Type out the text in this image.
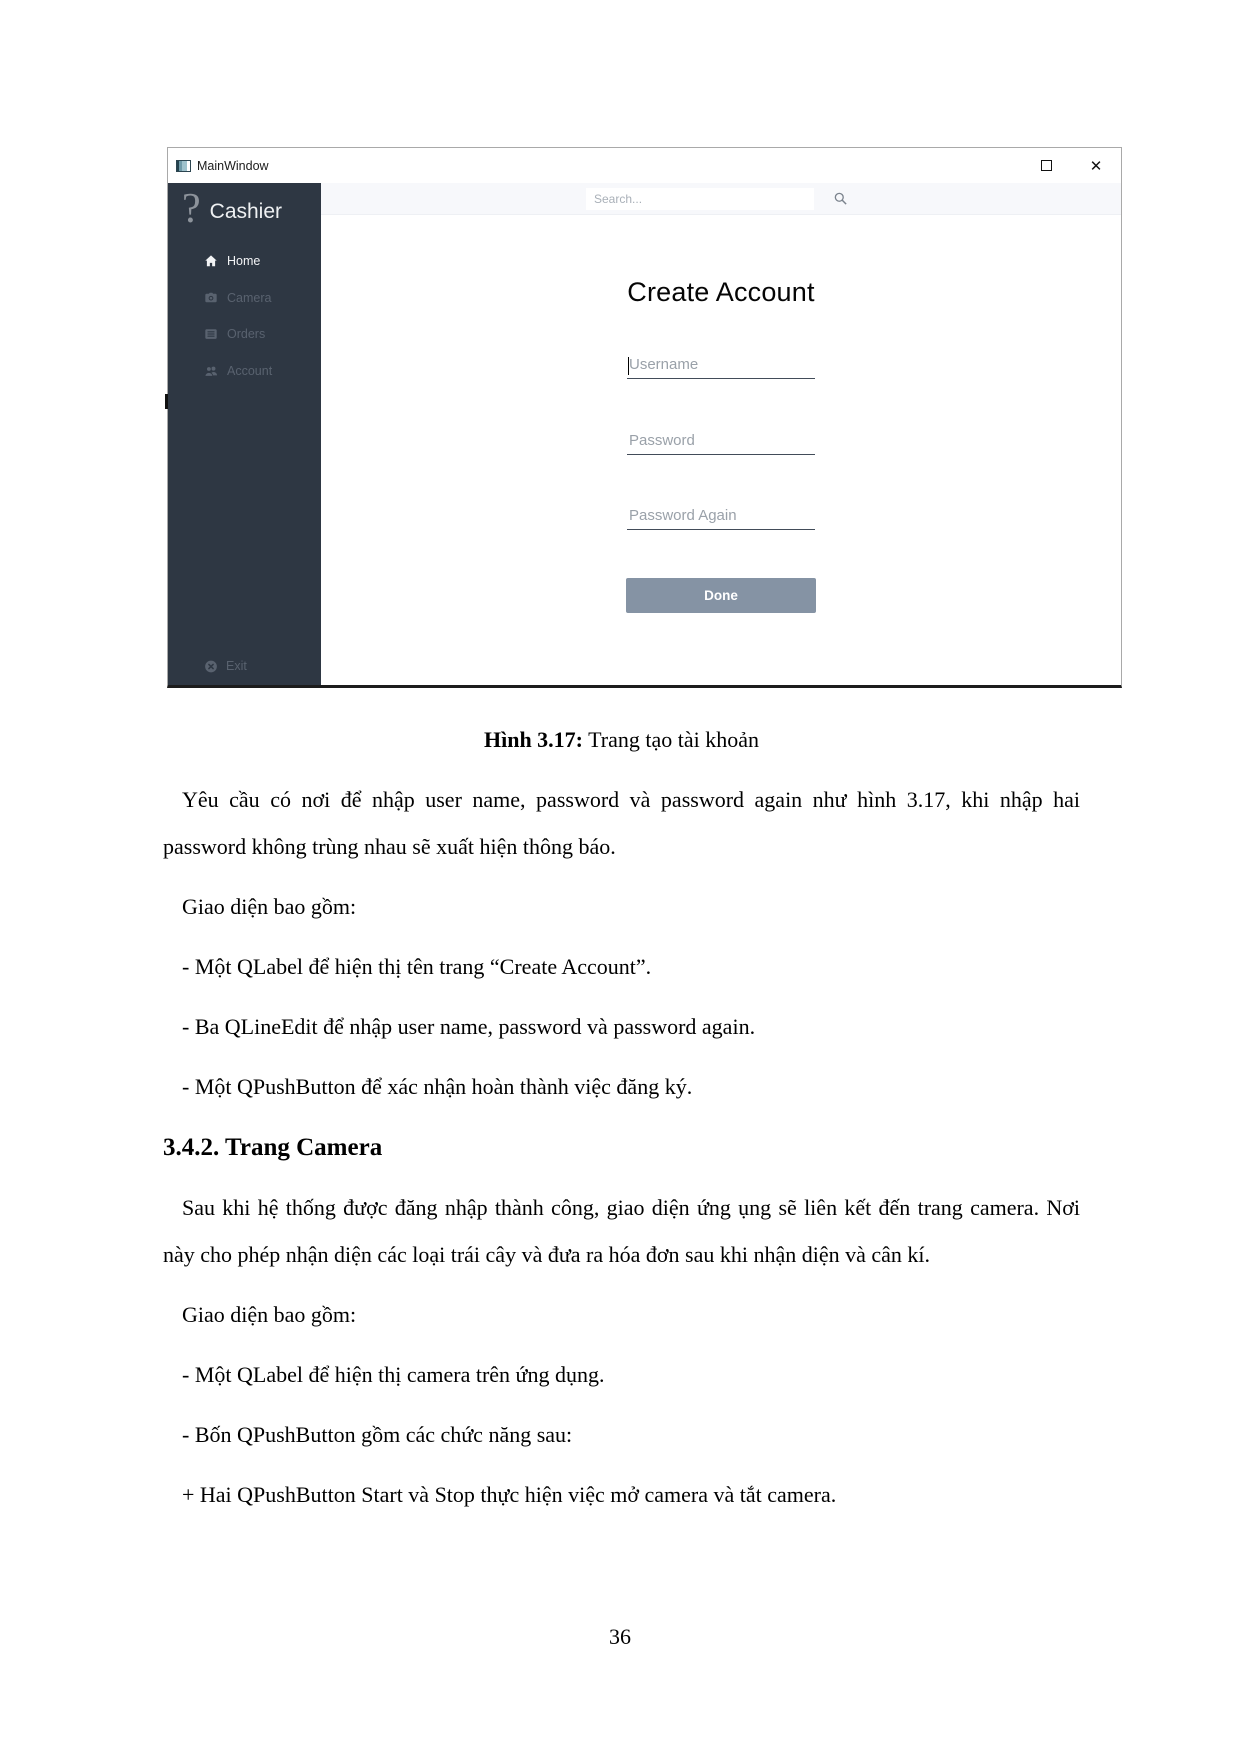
MainWindow	✕
? Cashier
Home
Camera
Orders
Account
Exit
Search...
Create Account
Username
Password
Password Again
Done

Hình 3.17: Trang tạo tài khoản

Yêu cầu có nơi để nhập user name, password và password again như hình 3.17, khi nhập hai password không trùng nhau sẽ xuất hiện thông báo.

Giao diện bao gồm:

- Một QLabel để hiện thị tên trang “Create Account”.

- Ba QLineEdit để nhập user name, password và password again.

- Một QPushButton để xác nhận hoàn thành việc đăng ký.

3.4.2. Trang Camera

Sau khi hệ thống được đăng nhập thành công, giao diện ứng ụng sẽ liên kết đến trang camera. Nơi này cho phép nhận diện các loại trái cây và đưa ra hóa đơn sau khi nhận diện và cân kí.

Giao diện bao gồm:

- Một QLabel để hiện thị camera trên ứng dụng.

- Bốn QPushButton gồm các chức năng sau:

+ Hai QPushButton Start và Stop thực hiện việc mở camera và tắt camera.

36
